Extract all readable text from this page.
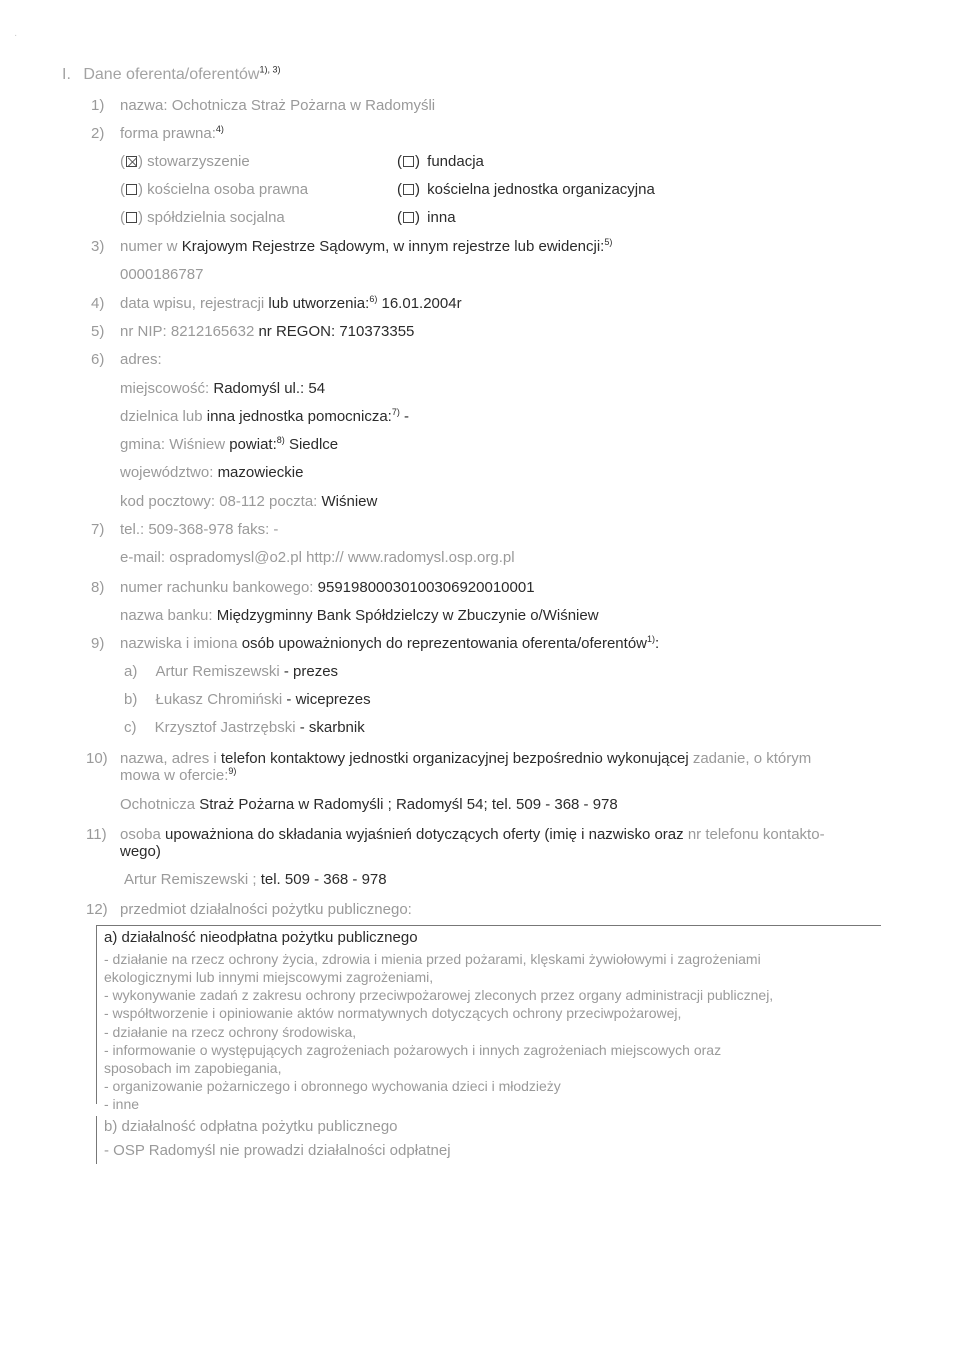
·
I. Dane oferenta/oferentów$^{1), 3)}$
1) nazwa: Ochotnicza Straż Pożarna w Radomyśli
2) forma prawna:$^{4)}$
( ) stowarzyszenie	( ) fundacja
( ) kościelna osoba prawna	( ) kościelna jednostka organizacyjna
( ) spółdzielnia socjalna	( ) inna
3) numer w Krajowym Rejestrze Sądowym, w innym rejestrze lub ewidencji:$^{5)}$
0000186787
4) data wpisu, rejestracji lub utworzenia:$^{6)}$ 16.01.2004r
5) nr NIP: 8212165632 nr REGON: 710373355
6) adres:
miejscowość: Radomyśl ul.: 54
dzielnica lub inna jednostka pomocnicza:$^{7)}$ -
gmina: Wiśniew powiat:$^{8)}$ Siedlce
województwo: mazowieckie
kod pocztowy: 08-112 poczta: Wiśniew
7) tel.: 509-368-978 faks: -
e-mail: ospradomysl@o2.pl http:// www.radomysl.osp.org.pl
8) numer rachunku bankowego: 95919800030100306920010001
nazwa banku: Międzygminny Bank Spółdzielczy w Zbuczynie o/Wiśniew
9) nazwiska i imiona osób upoważnionych do reprezentowania oferenta/oferentów$^{1)}$:
a) Artur Remiszewski - prezes
b) Łukasz Chromiński - wiceprezes
c) Krzysztof Jastrzębski - skarbnik
10) nazwa, adres i telefon kontaktowy jednostki organizacyjnej bezpośrednio wykonującej zadanie, o którym
mowa w ofercie:$^{9)}$
Ochotnicza Straż Pożarna w Radomyśli ; Radomyśl 54; tel. 509 - 368 - 978
11) osoba upoważniona do składania wyjaśnień dotyczących oferty (imię i nazwisko oraz nr telefonu kontakto-
wego)
Artur Remiszewski ; tel. 509 - 368 - 978
12) przedmiot działalności pożytku publicznego:
a) działalność nieodpłatna pożytku publicznego
- działanie na rzecz ochrony życia, zdrowia i mienia przed pożarami, klęskami żywiołowymi i zagrożeniami
ekologicznymi lub innymi miejscowymi zagrożeniami,
- wykonywanie zadań z zakresu ochrony przeciwpożarowej zleconych przez organy administracji publicznej,
- współtworzenie i opiniowanie aktów normatywnych dotyczących ochrony przeciwpożarowej,
- działanie na rzecz ochrony środowiska,
- informowanie o występujących zagrożeniach pożarowych i innych zagrożeniach miejscowych oraz
sposobach im zapobiegania,
- organizowanie pożarniczego i obronnego wychowania dzieci i młodzieży
- inne
b) działalność odpłatna pożytku publicznego
- OSP Radomyśl nie prowadzi działalności odpłatnej
